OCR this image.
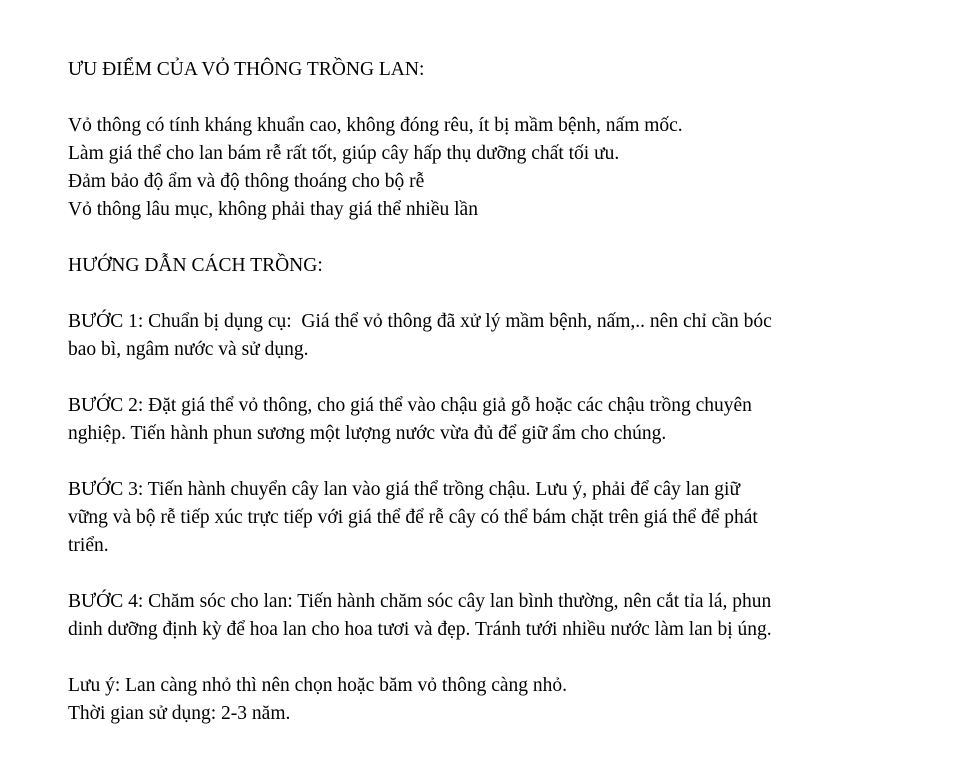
ƯU ĐIỂM CỦA VỎ THÔNG TRỒNG LAN:
Vỏ thông có tính kháng khuẩn cao, không đóng rêu, ít bị mầm bệnh, nấm mốc.
Làm giá thể cho lan bám rễ rất tốt, giúp cây hấp thụ dưỡng chất tối ưu.
Đảm bảo độ ẩm và độ thông thoáng cho bộ rễ
Vỏ thông lâu mục, không phải thay giá thể nhiều lần
HƯỚNG DẪN CÁCH TRỒNG:
BƯỚC 1: Chuẩn bị dụng cụ:  Giá thể vỏ thông đã xử lý mầm bệnh, nấm,.. nên chỉ cần bóc
bao bì, ngâm nước và sử dụng.
BƯỚC 2: Đặt giá thể vỏ thông, cho giá thể vào chậu giả gỗ hoặc các chậu trồng chuyên
nghiệp. Tiến hành phun sương một lượng nước vừa đủ để giữ ẩm cho chúng.
BƯỚC 3: Tiến hành chuyển cây lan vào giá thể trồng chậu. Lưu ý, phải để cây lan giữ
vững và bộ rễ tiếp xúc trực tiếp với giá thể để rễ cây có thể bám chặt trên giá thể để phát
triển.
BƯỚC 4: Chăm sóc cho lan: Tiến hành chăm sóc cây lan bình thường, nên cắt tỉa lá, phun
dinh dưỡng định kỳ để hoa lan cho hoa tươi và đẹp. Tránh tưới nhiều nước làm lan bị úng.
Lưu ý: Lan càng nhỏ thì nên chọn hoặc băm vỏ thông càng nhỏ.
Thời gian sử dụng: 2-3 năm.
